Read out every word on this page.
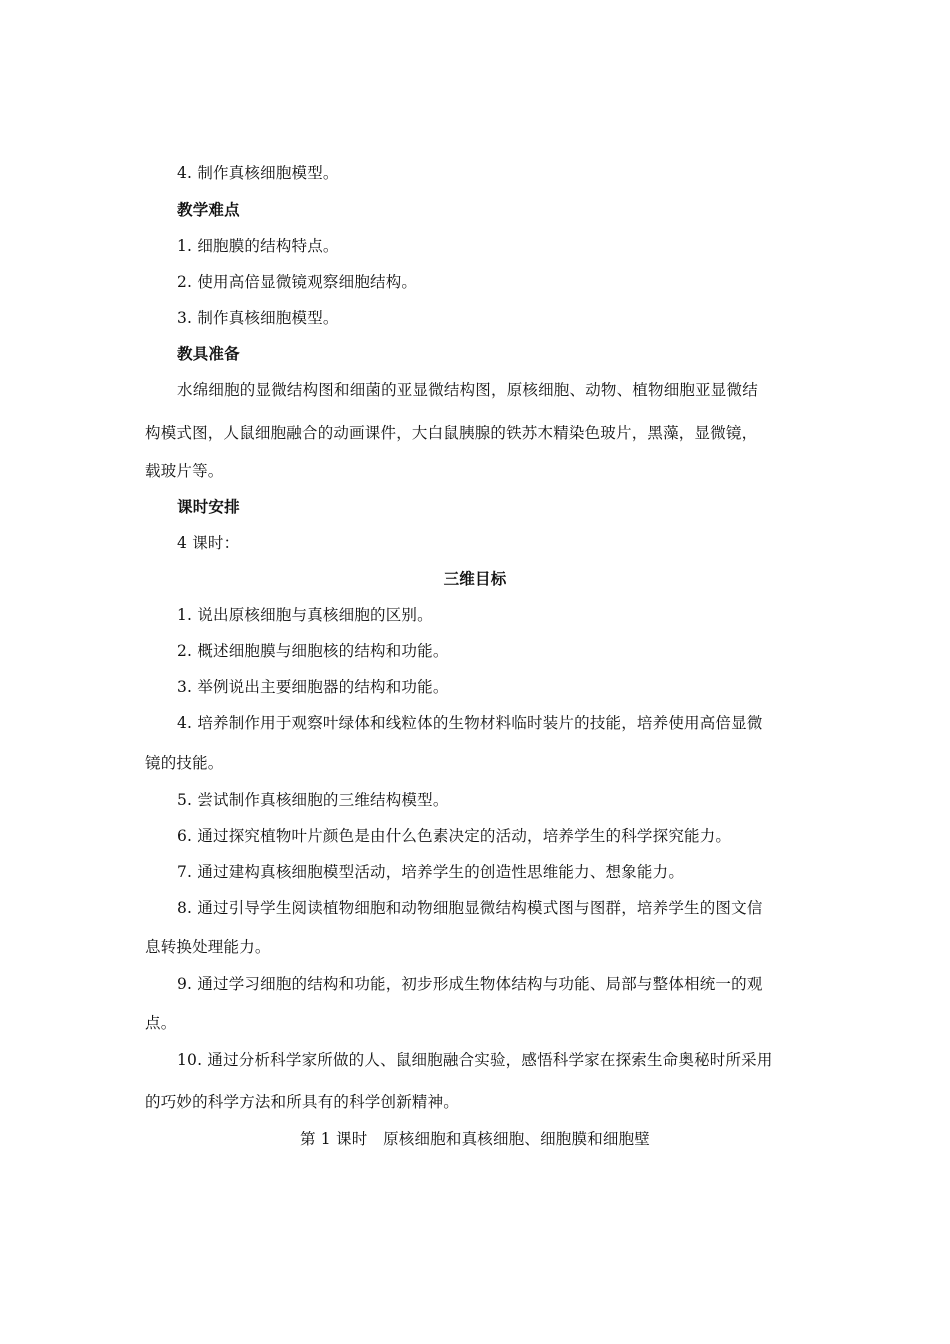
4. 制作真核细胞模型。
教学难点
1. 细胞膜的结构特点。
2. 使用高倍显微镜观察细胞结构。
3. 制作真核细胞模型。
教具准备
水绵细胞的显微结构图和细菌的亚显微结构图，原核细胞、动物、植物细胞亚显微结
构模式图，人鼠细胞融合的动画课件，大白鼠胰腺的铁苏木精染色玻片，黑藻，显微镜，
载玻片等。
课时安排
4 课时：
三维目标
1. 说出原核细胞与真核细胞的区别。
2. 概述细胞膜与细胞核的结构和功能。
3. 举例说出主要细胞器的结构和功能。
4. 培养制作用于观察叶绿体和线粒体的生物材料临时装片的技能，培养使用高倍显微
镜的技能。
5. 尝试制作真核细胞的三维结构模型。
6. 通过探究植物叶片颜色是由什么色素决定的活动，培养学生的科学探究能力。
7. 通过建构真核细胞模型活动，培养学生的创造性思维能力、想象能力。
8. 通过引导学生阅读植物细胞和动物细胞显微结构模式图与图群，培养学生的图文信
息转换处理能力。
9. 通过学习细胞的结构和功能，初步形成生物体结构与功能、局部与整体相统一的观
点。
10. 通过分析科学家所做的人、鼠细胞融合实验，感悟科学家在探索生命奥秘时所采用
的巧妙的科学方法和所具有的科学创新精神。
第 1 课时　原核细胞和真核细胞、细胞膜和细胞壁
